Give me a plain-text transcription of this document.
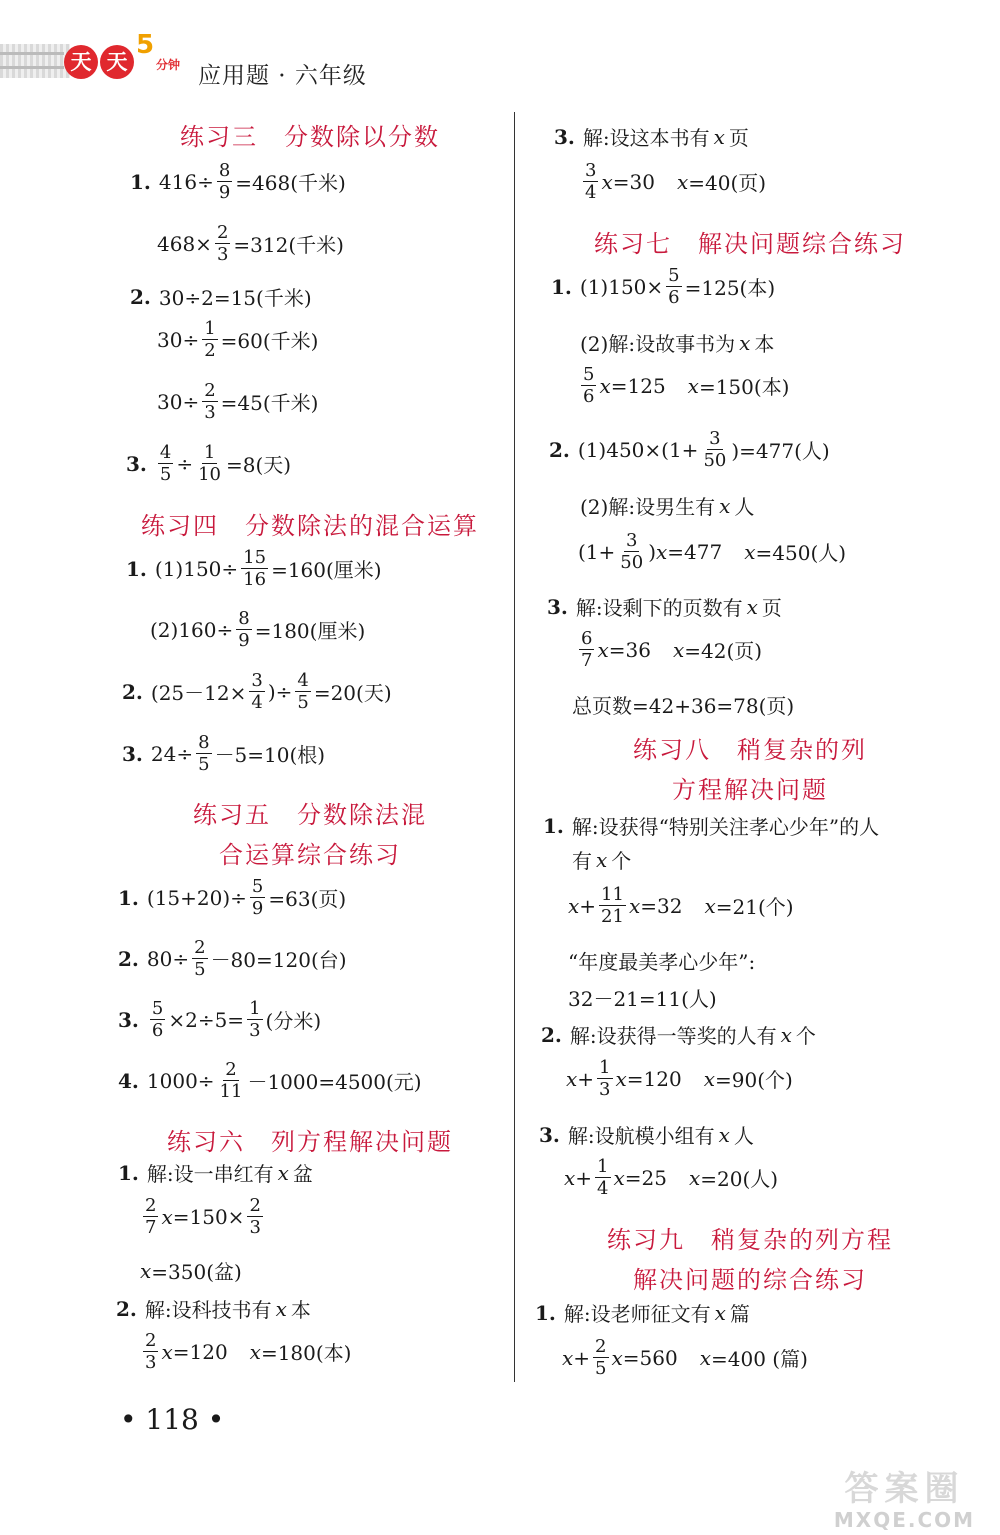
天 天
5
分钟 应用题 · 六年级
练习三　分数除以分数
1. $416\div \frac{8}{9} =468$(千米)
$468\times \frac{2}{3} =312$(千米)
2. 30÷2=15(千米)
$30\div \frac{1}{2} =60$(千米)
$30\div \frac{2}{3} =45$(千米)
3. $\frac{4}{5} \div \frac{1}{10} =8$(天)
练习四　分数除法的混合运算
1. $(1)150\div \frac{15}{16} =160$(厘米)
$(2)160\div \frac{8}{9} =180$(厘米)
2. ($25-12\times \frac{3}{4}$ )÷ $\frac{4}{5} =20$(天)
3. $24\div \frac{8}{5} -5=10$(根)
练习五　分数除法混
合运算综合练习
1. $(15+20)\div \frac{5}{9} =63$(页)
2. $80\div \frac{2}{5} -80=120$(台)
3. $\frac{5}{6} \times 2\div 5= \frac{1}{3}$ (分米)
4. $1000\div \frac{2}{11} -1000=4500$(元)
练习六　列方程解决问题
1. 解:设一串红有 x 盆
$\frac{2}{7}$ $x =150\times \frac{2}{3}$
x =350(盆)
2. 解:设科技书有 x 本
$\frac{2}{3}$ x =120 x =180(本)
3. 解:设这本书有 x 页
$\frac{3}{4}$ x =30 x =40(页)
练习七　解决问题综合练习
1. $(1)150\times \frac{5}{6} =125$(本)
(2)解:设故事书为 x 本
$\frac{5}{6}$ x =125 x =150(本)
2. $(1)450\times(1+ \frac{3}{50} )=477$(人)
(2)解:设男生有 x 人
($1+ \frac{3}{50}$ ) x =477 x =450(人)
3. 解:设剩下的页数有 x 页
$\frac{6}{7}$ x =36 x =42(页)
总页数=42+36=78(页)
练习八　稍复杂的列
方程解决问题
1. 解:设获得“特别关注孝心少年”的人
有 x 个
$x + \frac{11}{21}$ x =32 x =21(个)
“年度最美孝心少年”:
32－21=11(人)
2. 解:设获得一等奖的人有 x 个
$x + \frac{1}{3}$ x =120 x =90(个)
3. 解:设航模小组有 x 人
$x + \frac{1}{4}$ x =25 x =20(人)
练习九　稍复杂的列方程
解决问题的综合练习
1. 解:设老师征文有 x 篇
$x + \frac{2}{5}$ x =560 x =400 (篇)
• 118 •
答案圈
MXQE.COM
